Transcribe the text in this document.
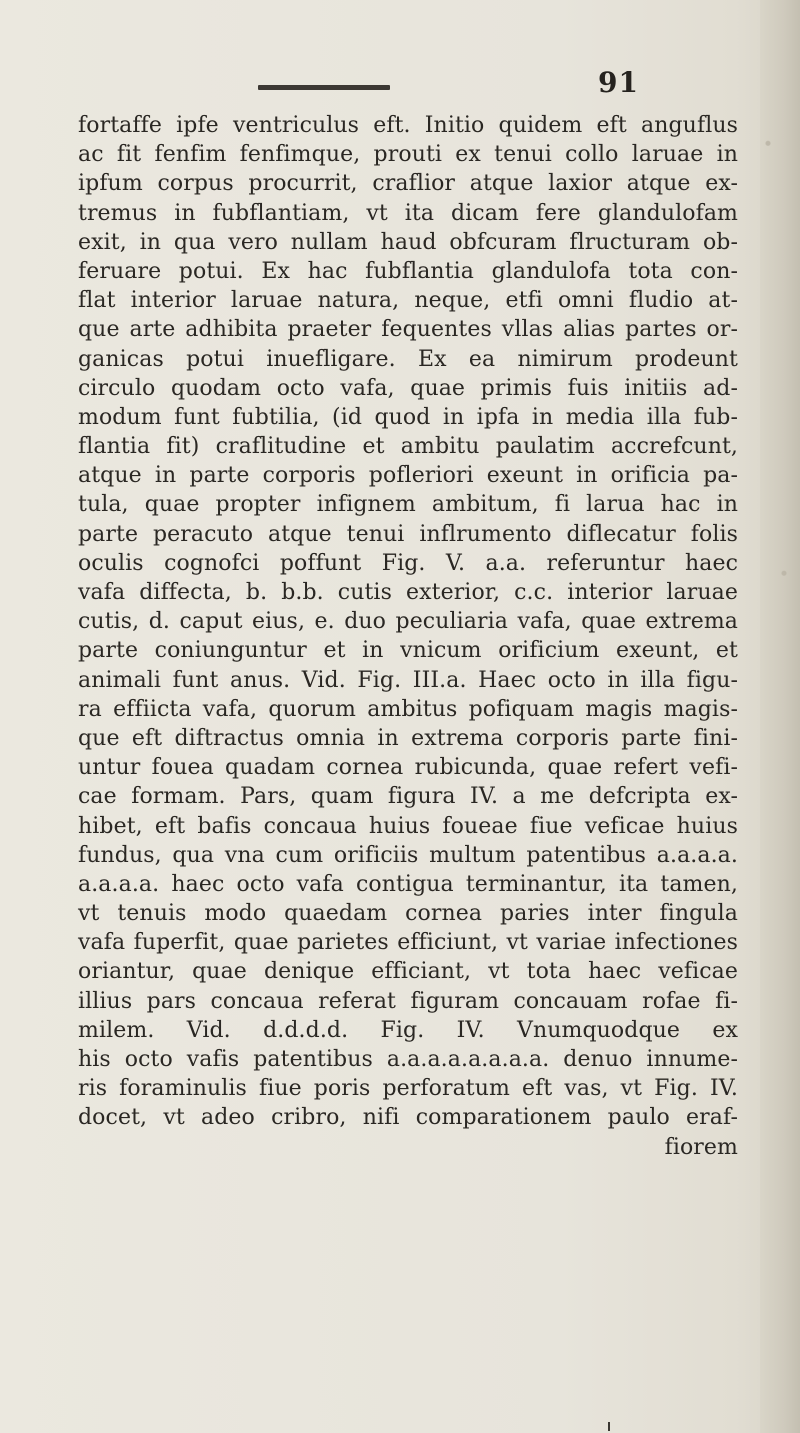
91
fortaffe ipfe ventriculus eft. Initio quidem eft anguflus
ac fit fenfim fenfimque, prouti ex tenui collo laruae in
ipfum corpus procurrit, craflior atque laxior atque ex-
tremus in fubflantiam, vt ita dicam fere glandulofam
exit, in qua vero nullam haud obfcuram flructuram ob-
feruare potui. Ex hac fubflantia glandulofa tota con-
flat interior laruae natura, neque, etfi omni fludio at-
que arte adhibita praeter fequentes vllas alias partes or-
ganicas potui inuefligare. Ex ea nimirum prodeunt
circulo quodam octo vafa, quae primis fuis initiis ad-
modum funt fubtilia, (id quod in ipfa in media illa fub-
flantia fit) craflitudine et ambitu paulatim accrefcunt,
atque in parte corporis pofleriori exeunt in orificia pa-
tula, quae propter infignem ambitum, fi larua hac in
parte peracuto atque tenui inflrumento diflecatur folis
oculis cognofci poffunt Fig. V. a.a. referuntur haec
vafa diffecta, b. b.b. cutis exterior, c.c. interior laruae
cutis, d. caput eius, e. duo peculiaria vafa, quae extrema
parte coniunguntur et in vnicum orificium exeunt, et
animali funt anus. Vid. Fig. III.a. Haec octo in illa figu-
ra effiicta vafa, quorum ambitus pofiquam magis magis-
que eft diftractus omnia in extrema corporis parte fini-
untur fouea quadam cornea rubicunda, quae refert vefi-
cae formam. Pars, quam figura IV. a me defcripta ex-
hibet, eft bafis concaua huius foueae fiue veficae huius
fundus, qua vna cum orificiis multum patentibus a.a.a.a.
a.a.a.a. haec octo vafa contigua terminantur, ita tamen,
vt tenuis modo quaedam cornea paries inter fingula
vafa fuperfit, quae parietes efficiunt, vt variae infectiones
oriantur, quae denique efficiant, vt tota haec veficae
illius pars concaua referat figuram concauam rofae fi-
milem. Vid. d.d.d.d. Fig. IV. Vnumquodque ex
his octo vafis patentibus a.a.a.a.a.a.a.a. denuo innume-
ris foraminulis fiue poris perforatum eft vas, vt Fig. IV.
docet, vt adeo cribro, nifi comparationem paulo eraf-
fiorem
